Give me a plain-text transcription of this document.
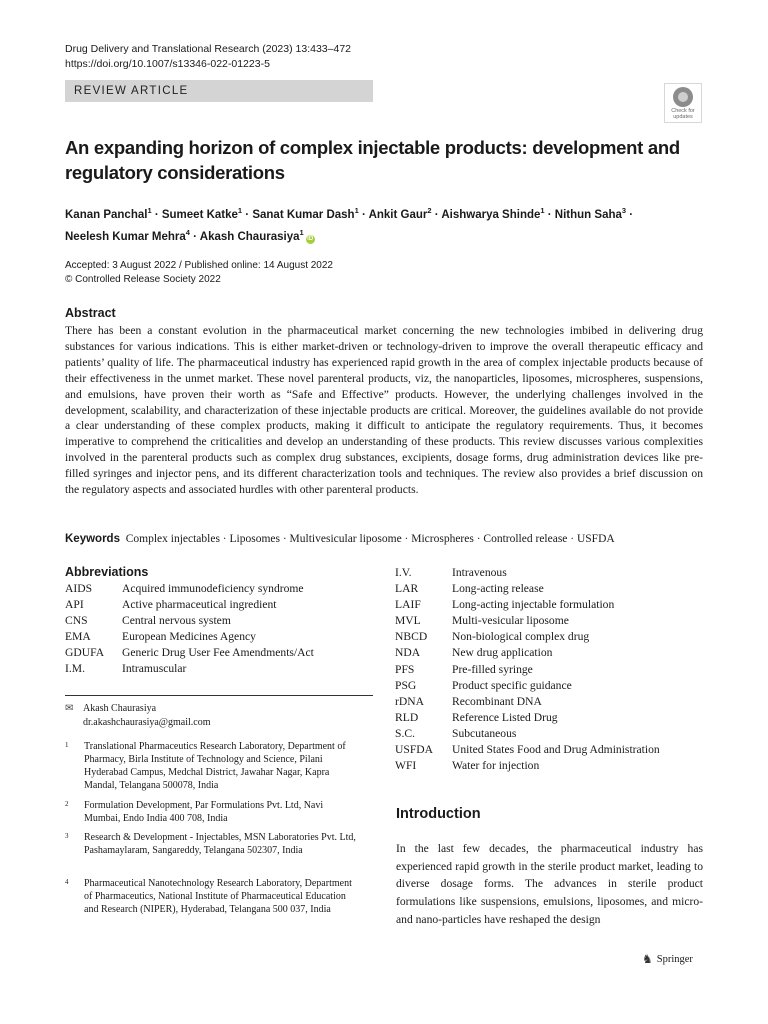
Drug Delivery and Translational Research (2023) 13:433–472
https://doi.org/10.1007/s13346-022-01223-5
REVIEW ARTICLE
Check for
updates
An expanding horizon of complex injectable products: development and regulatory considerations
Kanan Panchal$^1$ · Sumeet Katke$^1$ · Sanat Kumar Dash$^1$ · Ankit Gaur$^2$ · Aishwarya Shinde$^1$ · Nithun Saha$^3$ ·
Neelesh Kumar Mehra$^4$ · Akash Chaurasiya$^1$iD
Accepted: 3 August 2022 / Published online: 14 August 2022
© Controlled Release Society 2022
Abstract
There has been a constant evolution in the pharmaceutical market concerning the new technologies imbibed in delivering drug substances for various indications. This is either market-driven or technology-driven to improve the overall therapeutic efficacy and patients’ quality of life. The pharmaceutical industry has experienced rapid growth in the area of complex injectable products because of their effectiveness in the unmet market. These novel parenteral products, viz, the nanoparticles, liposomes, microspheres, suspensions, and emulsions, have proven their worth as “Safe and Effective” products. However, the underlying challenges involved in the development, scalability, and characterization of these injectable products are critical. Moreover, the guidelines available do not provide a clear understanding of these complex products, making it difficult to anticipate the regulatory requirements. Thus, it becomes imperative to comprehend the criticalities and develop an understanding of these products. This review discusses various complexities involved in the parenteral products such as complex drug substances, excipients, dosage forms, drug administration devices like pre-filled syringes and injector pens, and its different characterization tools and techniques. The review also provides a brief discussion on the regulatory aspects and associated hurdles with other parenteral products.
Keywords Complex injectables · Liposomes · Multivesicular liposome · Microspheres · Controlled release · USFDA
Abbreviations
AIDS	Acquired immunodeficiency syndrome
API	Active pharmaceutical ingredient
CNS	Central nervous system
EMA	European Medicines Agency
GDUFA	Generic Drug User Fee Amendments/Act
I.M.	Intramuscular
I.V.	Intravenous
LAR	Long-acting release
LAIF	Long-acting injectable formulation
MVL	Multi-vesicular liposome
NBCD	Non-biological complex drug
NDA	New drug application
PFS	Pre-filled syringe
PSG	Product specific guidance
rDNA	Recombinant DNA
RLD	Reference Listed Drug
S.C.	Subcutaneous
USFDA	United States Food and Drug Administration
WFI	Water for injection
✉ Akash Chaurasiya
dr.akashchaurasiya@gmail.com
1	Translational Pharmaceutics Research Laboratory, Department of Pharmacy, Birla Institute of Technology and Science, Pilani Hyderabad Campus, Medchal District, Jawahar Nagar, Kapra Mandal, Telangana 500078, India
2	Formulation Development, Par Formulations Pvt. Ltd, Navi Mumbai, Endo India 400 708, India
3	Research & Development - Injectables, MSN Laboratories Pvt. Ltd, Pashamaylaram, Sangareddy, Telangana 502307, India
4	Pharmaceutical Nanotechnology Research Laboratory, Department of Pharmaceutics, National Institute of Pharmaceutical Education and Research (NIPER), Hyderabad, Telangana 500 037, India
Introduction
In the last few decades, the pharmaceutical industry has experienced rapid growth in the sterile product market, leading to diverse dosage forms. The advances in sterile product formulations like suspensions, emulsions, liposomes, and micro- and nano-particles have reshaped the design
♞ Springer
